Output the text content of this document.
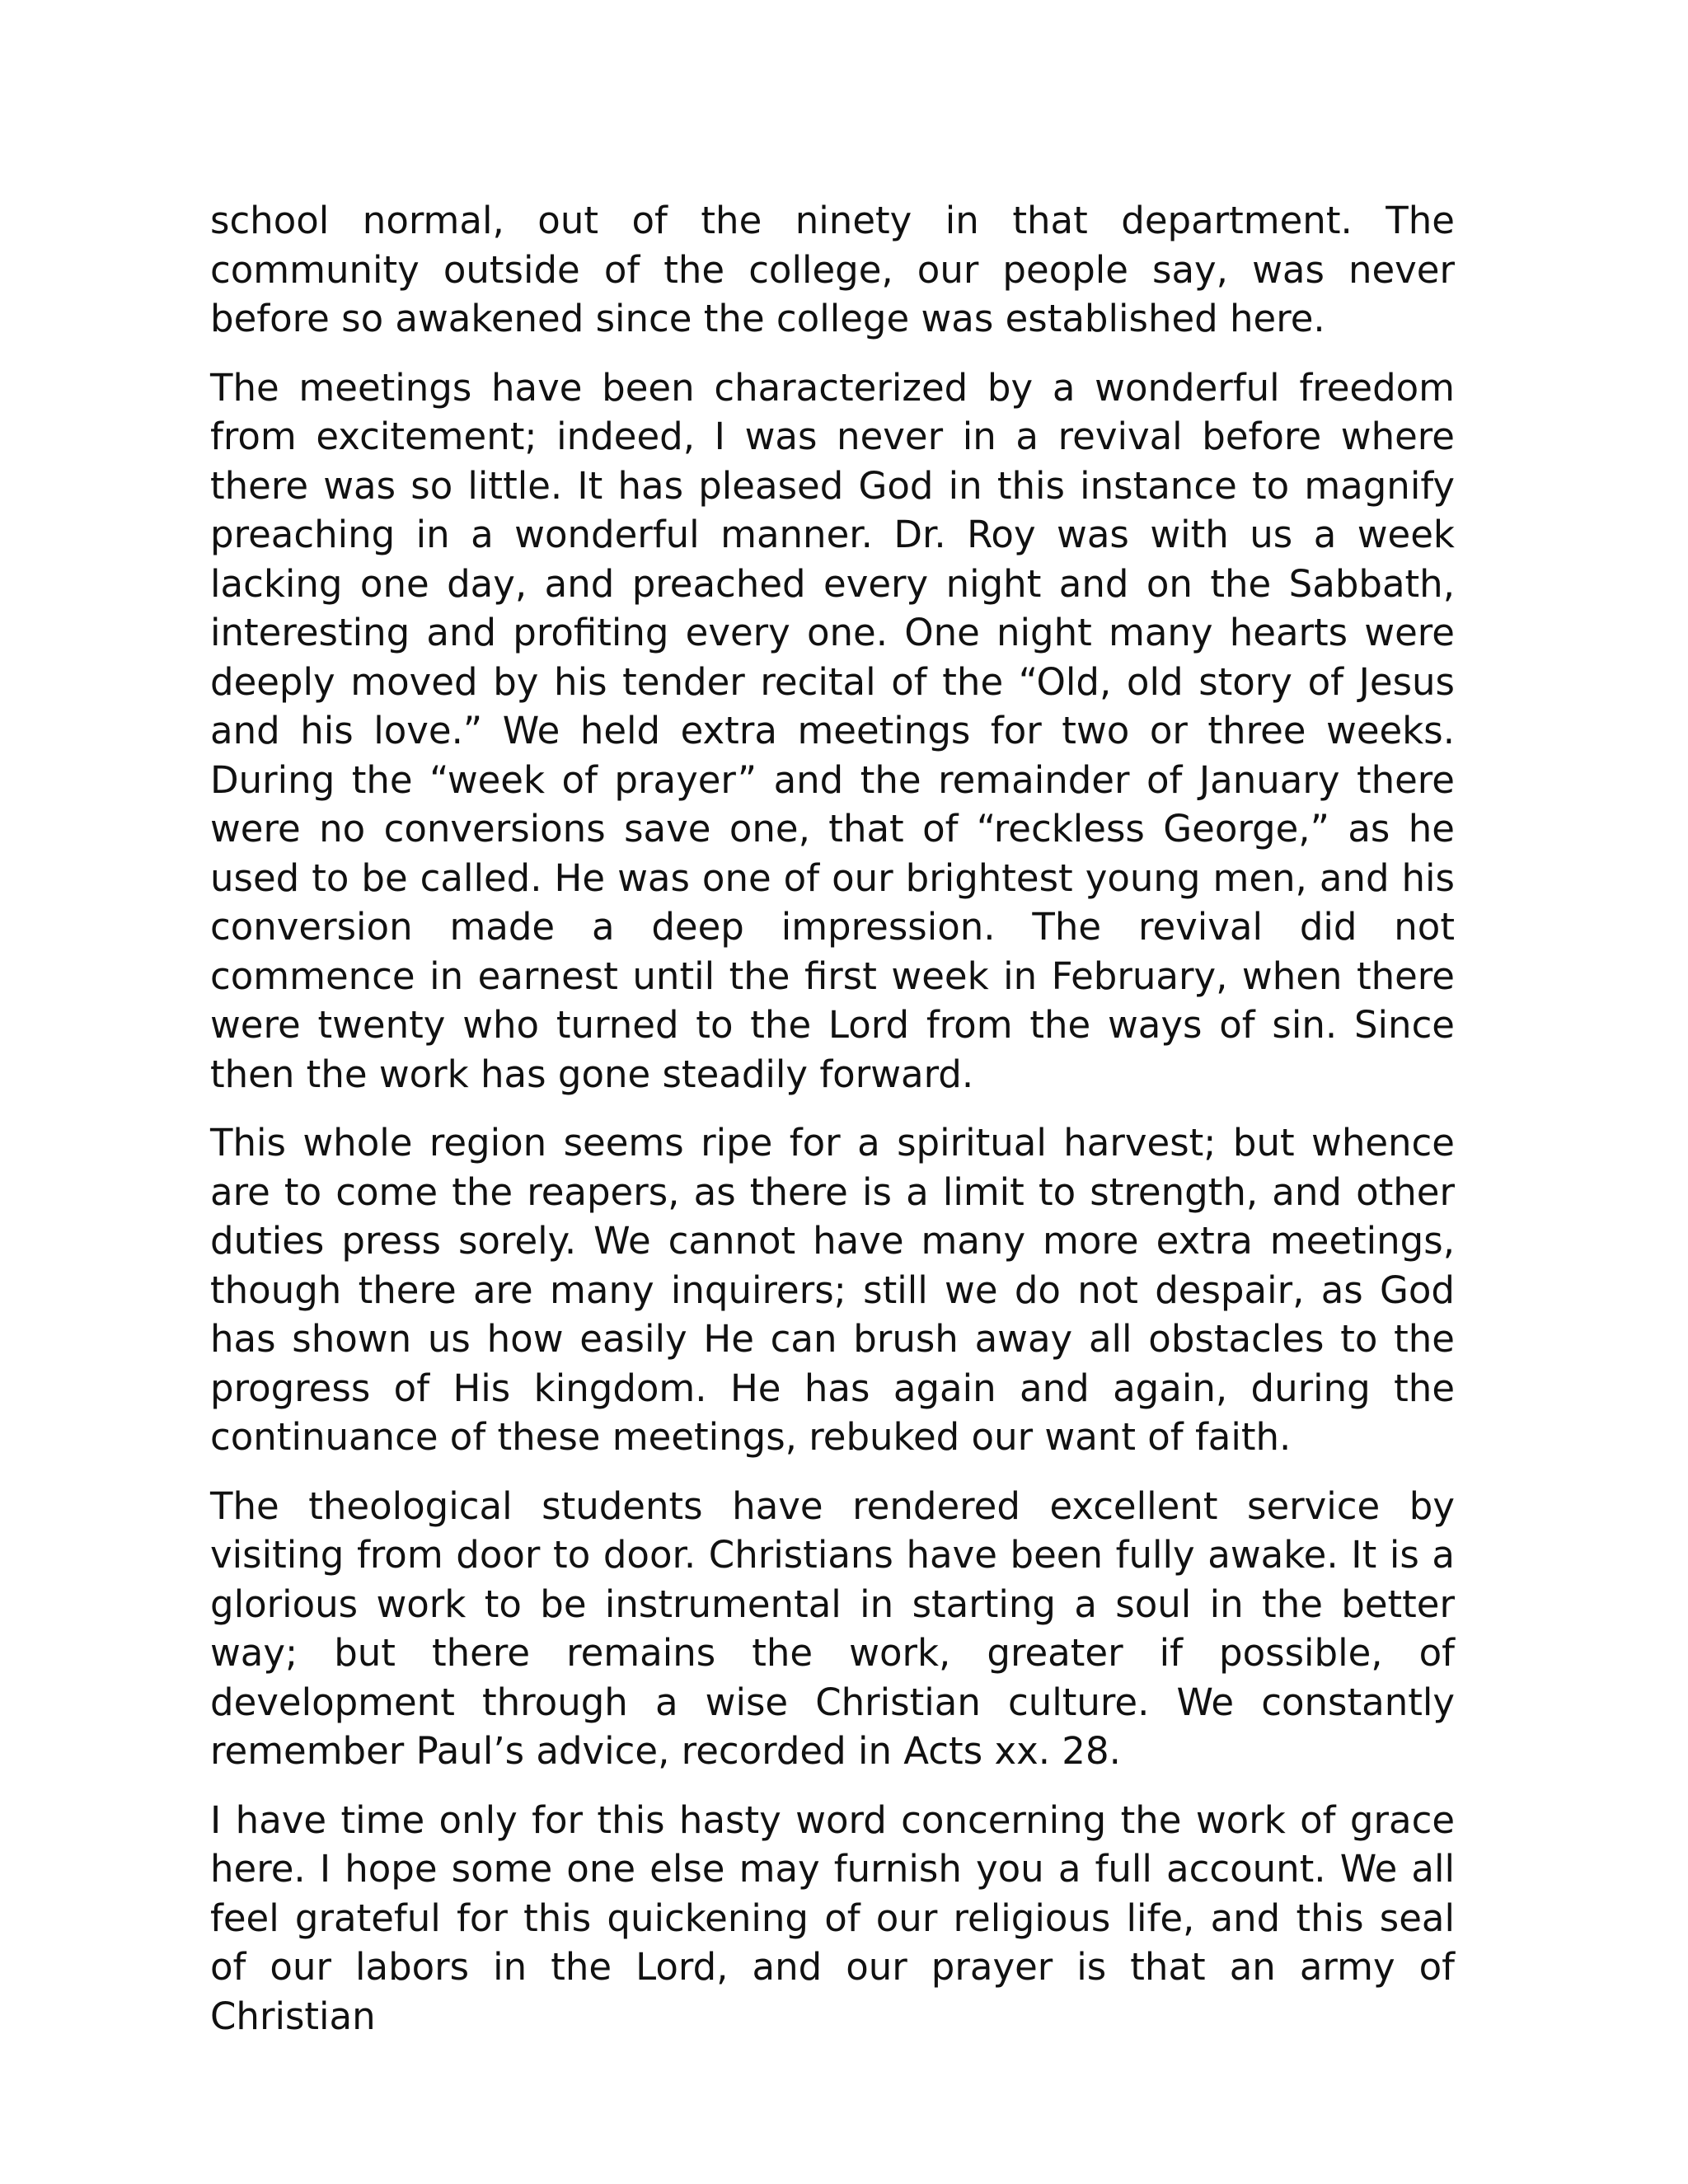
school normal, out of the ninety in that department. The community outside of the college, our people say, was never before so awakened since the college was established here.

The meetings have been characterized by a wonderful freedom from excitement; indeed, I was never in a revival before where there was so little. It has pleased God in this instance to magnify preaching in a wonderful manner. Dr. Roy was with us a week lacking one day, and preached every night and on the Sabbath, interesting and profiting every one. One night many hearts were deeply moved by his tender recital of the “Old, old story of Jesus and his love.” We held extra meetings for two or three weeks. During the “week of prayer” and the remainder of January there were no conversions save one, that of “reckless George,” as he used to be called. He was one of our brightest young men, and his conversion made a deep impression. The revival did not commence in earnest until the first week in February, when there were twenty who turned to the Lord from the ways of sin. Since then the work has gone steadily forward.

This whole region seems ripe for a spiritual harvest; but whence are to come the reapers, as there is a limit to strength, and other duties press sorely. We cannot have many more extra meetings, though there are many inquirers; still we do not despair, as God has shown us how easily He can brush away all obstacles to the progress of His kingdom. He has again and again, during the continuance of these meetings, rebuked our want of faith.

The theological students have rendered excellent service by visiting from door to door. Christians have been fully awake. It is a glorious work to be instrumental in starting a soul in the better way; but there remains the work, greater if possible, of development through a wise Christian culture. We constantly remember Paul’s advice, recorded in Acts xx. 28.

I have time only for this hasty word concerning the work of grace here. I hope some one else may furnish you a full account. We all feel grateful for this quickening of our religious life, and this seal of our labors in the Lord, and our prayer is that an army of Christian
